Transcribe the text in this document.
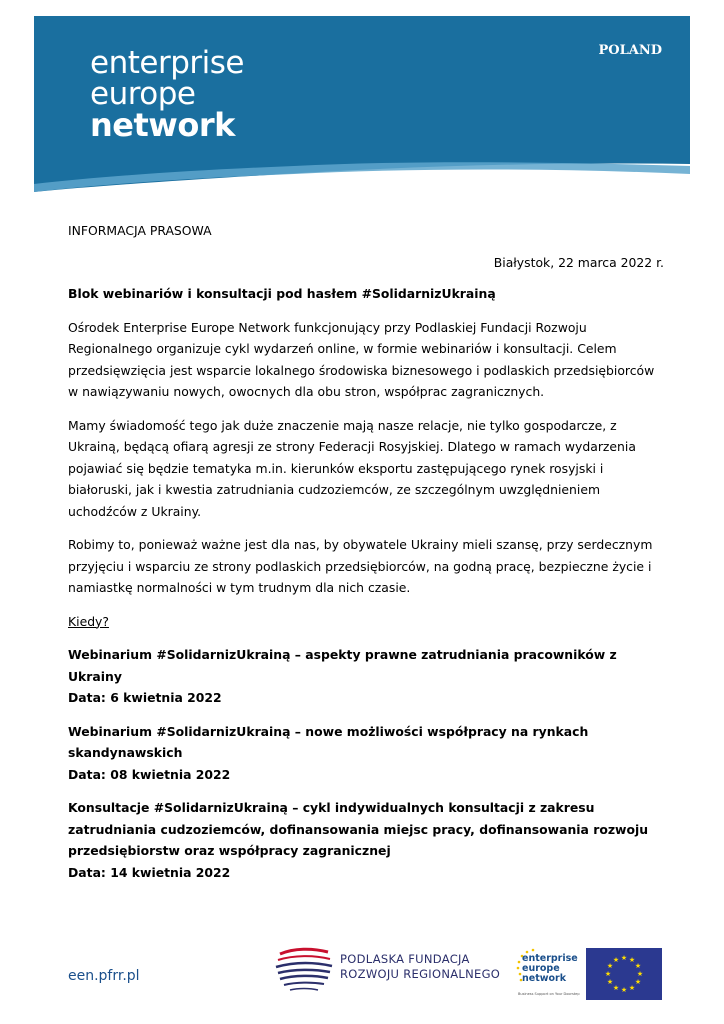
enterprise
europe
network
POLAND

INFORMACJA PRASOWA

Białystok, 22 marca 2022 r.

Blok webinariów i konsultacji pod hasłem #SolidarnizUkrainą

Ośrodek Enterprise Europe Network funkcjonujący przy Podlaskiej Fundacji Rozwoju Regionalnego organizuje cykl wydarzeń online, w formie webinariów i konsultacji. Celem przedsięwzięcia jest wsparcie lokalnego środowiska biznesowego i podlaskich przedsiębiorców w nawiązywaniu nowych, owocnych dla obu stron, współprac zagranicznych.

Mamy świadomość tego jak duże znaczenie mają nasze relacje, nie tylko gospodarcze, z Ukrainą, będącą ofiarą agresji ze strony Federacji Rosyjskiej. Dlatego w ramach wydarzenia pojawiać się będzie tematyka m.in. kierunków eksportu zastępującego rynek rosyjski i białoruski, jak i kwestia zatrudniania cudzoziemców, ze szczególnym uwzględnieniem uchodźców z Ukrainy.

Robimy to, ponieważ ważne jest dla nas, by obywatele Ukrainy mieli szansę, przy serdecznym przyjęciu i wsparciu ze strony podlaskich przedsiębiorców, na godną pracę, bezpieczne życie i namiastkę normalności w tym trudnym dla nich czasie.

Kiedy?

Webinarium #SolidarnizUkrainą – aspekty prawne zatrudniania pracowników z Ukrainy

Data: 6 kwietnia 2022

Webinarium #SolidarnizUkrainą – nowe możliwości współpracy na rynkach skandynawskich

Data: 08 kwietnia 2022

Konsultacje #SolidarnizUkrainą – cykl indywidualnych konsultacji z zakresu zatrudniania cudzoziemców, dofinansowania miejsc pracy, dofinansowania rozwoju przedsiębiorstw oraz współpracy zagranicznej

Data: 14 kwietnia 2022

een.pfrr.pl
PODLASKA FUNDACJA
ROZWOJU REGIONALNEGO
enterprise
europe
network
Business Support on Your Doorstep
★ ★
★
★
★
★
★
★
★
★
★
★
